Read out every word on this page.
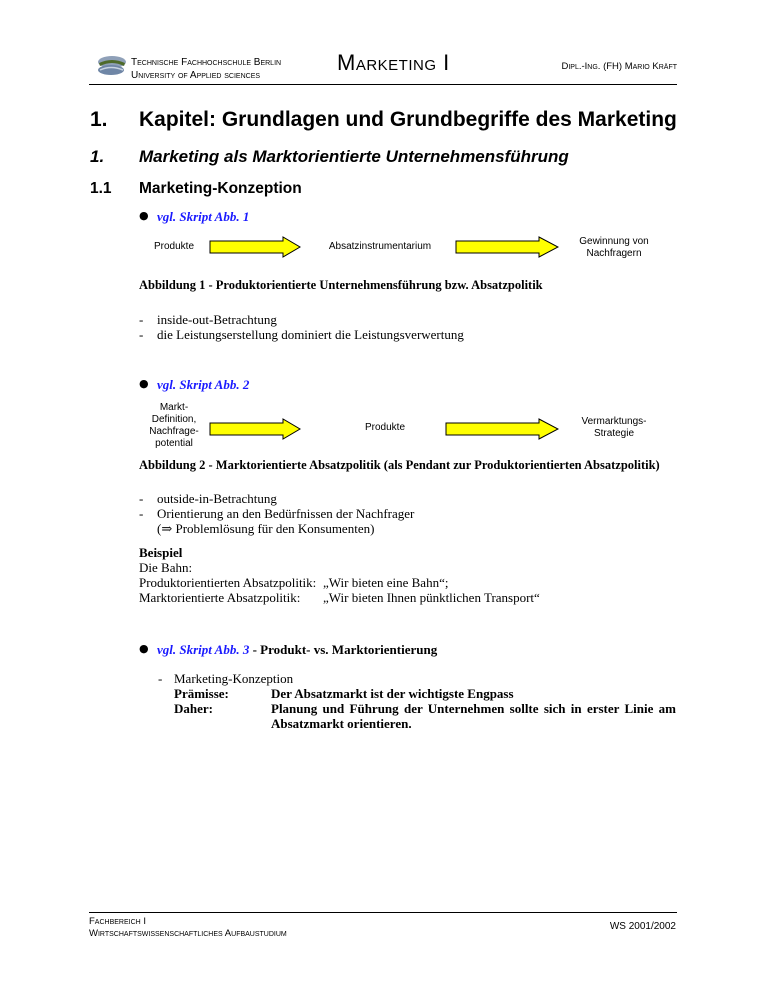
Technische Fachhochschule Berlin
University of Applied sciences
Marketing I	Dipl.-Ing. (FH) Mario Kräft
1. Kapitel: Grundlagen und Grundbegriffe des Marketing
1. Marketing als Marktorientierte Unternehmensführung
1.1 Marketing-Konzeption
● vgl. Skript Abb. 1
Produkte	Absatzinstrumentarium	Gewinnung von Nachfragern
Abbildung 1 - Produktorientierte Unternehmensführung bzw. Absatzpolitik
- inside-out-Betrachtung
- die Leistungserstellung dominiert die Leistungsverwertung
● vgl. Skript Abb. 2
Markt-Definition, Nachfrage-potential
Produkte
Vermarktungs-Strategie
Abbildung 2 - Marktorientierte Absatzpolitik (als Pendant zur Produktorientierten Absatzpolitik)
- outside-in-Betrachtung
- Orientierung an den Bedürfnissen der Nachfrager
(⇒ Problemlösung für den Konsumenten)
Beispiel
Die Bahn:
Produktorientierten Absatzpolitik: „Wir bieten eine Bahn“;
Marktorientierte Absatzpolitik: „Wir bieten Ihnen pünktlichen Transport“
● vgl. Skript Abb. 3 - Produkt- vs. Marktorientierung
- Marketing-Konzeption
Prämisse:	Der Absatzmarkt ist der wichtigste Engpass
Daher:	Planung und Führung der Unternehmen sollte sich in erster Linie am
Absatzmarkt orientieren.
Fachbereich I
Wirtschaftswissenschaftliches Aufbaustudium
WS 2001/2002
